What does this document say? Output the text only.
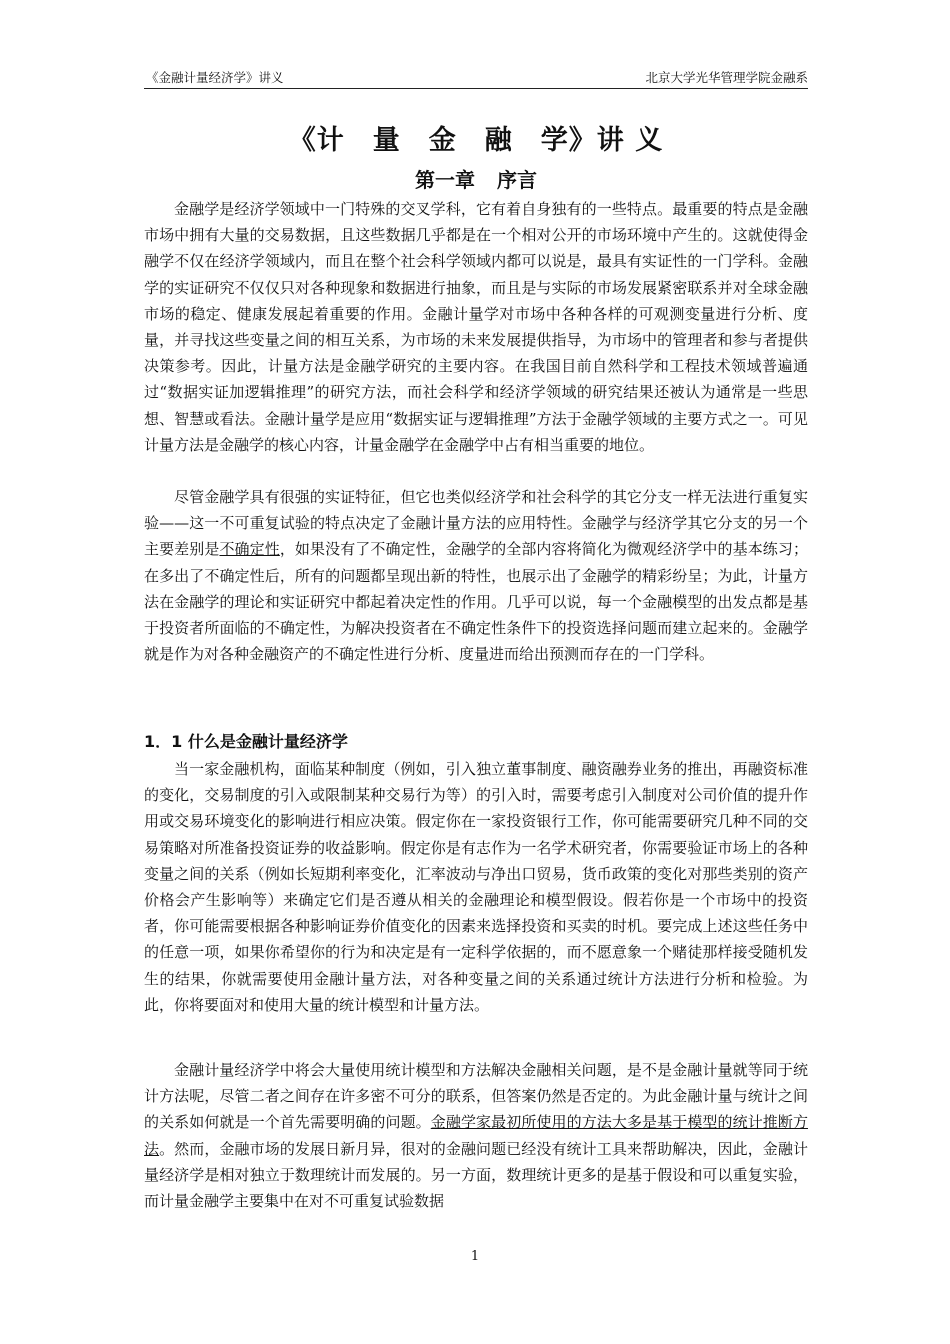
《金融计量经济学》讲义	北京大学光华管理学院金融系
《计 量 金 融 学》讲 义
第一章 序言

金融学是经济学领域中一门特殊的交叉学科，它有着自身独有的一些特点。最重要的特点是金融市场中拥有大量的交易数据，且这些数据几乎都是在一个相对公开的市场环境中产生的。这就使得金融学不仅在经济学领域内，而且在整个社会科学领域内都可以说是，最具有实证性的一门学科。金融学的实证研究不仅仅只对各种现象和数据进行抽象，而且是与实际的市场发展紧密联系并对全球金融市场的稳定、健康发展起着重要的作用。金融计量学对市场中各种各样的可观测变量进行分析、度量，并寻找这些变量之间的相互关系，为市场的未来发展提供指导，为市场中的管理者和参与者提供决策参考。因此，计量方法是金融学研究的主要内容。在我国目前自然科学和工程技术领域普遍通过“数据实证加逻辑推理”的研究方法，而社会科学和经济学领域的研究结果还被认为通常是一些思想、智慧或看法。金融计量学是应用“数据实证与逻辑推理”方法于金融学领域的主要方式之一。可见计量方法是金融学的核心内容，计量金融学在金融学中占有相当重要的地位。

尽管金融学具有很强的实证特征，但它也类似经济学和社会科学的其它分支一样无法进行重复实验——这一不可重复试验的特点决定了金融计量方法的应用特性。金融学与经济学其它分支的另一个主要差别是不确定性，如果没有了不确定性，金融学的全部内容将简化为微观经济学中的基本练习；在多出了不确定性后，所有的问题都呈现出新的特性，也展示出了金融学的精彩纷呈；为此，计量方法在金融学的理论和实证研究中都起着决定性的作用。几乎可以说，每一个金融模型的出发点都是基于投资者所面临的不确定性，为解决投资者在不确定性条件下的投资选择问题而建立起来的。金融学就是作为对各种金融资产的不确定性进行分析、度量进而给出预测而存在的一门学科。

1．1 什么是金融计量经济学

当一家金融机构，面临某种制度（例如，引入独立董事制度、融资融券业务的推出，再融资标准的变化，交易制度的引入或限制某种交易行为等）的引入时，需要考虑引入制度对公司价值的提升作用或交易环境变化的影响进行相应决策。假定你在一家投资银行工作，你可能需要研究几种不同的交易策略对所准备投资证券的收益影响。假定你是有志作为一名学术研究者，你需要验证市场上的各种变量之间的关系（例如长短期利率变化，汇率波动与净出口贸易，货币政策的变化对那些类别的资产价格会产生影响等）来确定它们是否遵从相关的金融理论和模型假设。假若你是一个市场中的投资者，你可能需要根据各种影响证券价值变化的因素来选择投资和买卖的时机。要完成上述这些任务中的任意一项，如果你希望你的行为和决定是有一定科学依据的，而不愿意象一个赌徒那样接受随机发生的结果，你就需要使用金融计量方法，对各种变量之间的关系通过统计方法进行分析和检验。为此，你将要面对和使用大量的统计模型和计量方法。

金融计量经济学中将会大量使用统计模型和方法解决金融相关问题，是不是金融计量就等同于统计方法呢，尽管二者之间存在许多密不可分的联系，但答案仍然是否定的。为此金融计量与统计之间的关系如何就是一个首先需要明确的问题。金融学家最初所使用的方法大多是基于模型的统计推断方法。然而，金融市场的发展日新月异，很对的金融问题已经没有统计工具来帮助解决，因此，金融计量经济学是相对独立于数理统计而发展的。另一方面，数理统计更多的是基于假设和可以重复实验，而计量金融学主要集中在对不可重复试验数据

1
